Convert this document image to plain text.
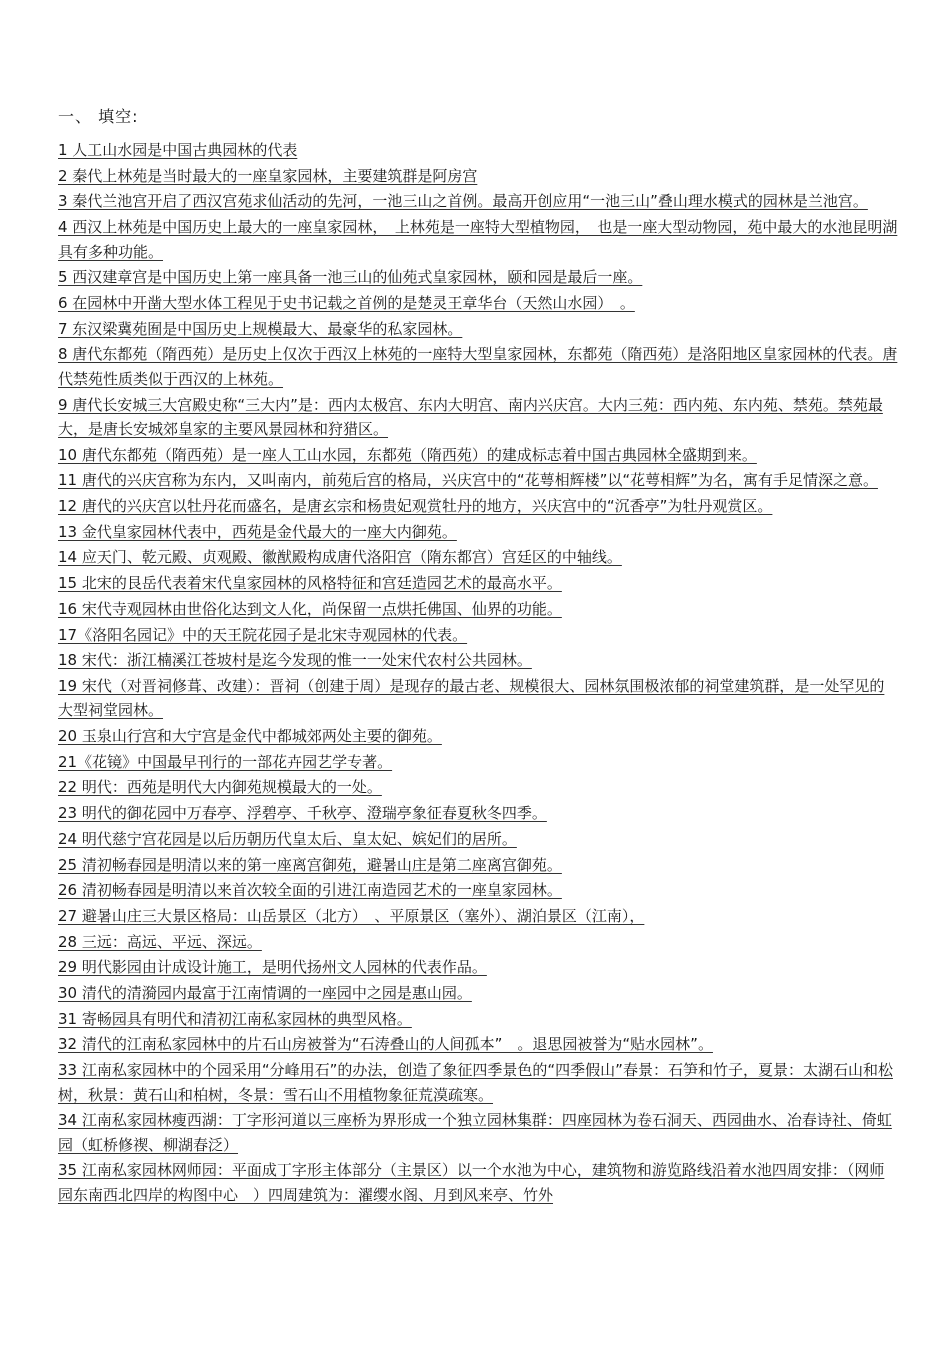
一、 填空:

1 人工山水园是中国古典园林的代表

2 秦代上林苑是当时最大的一座皇家园林，主要建筑群是阿房宫

3 秦代兰池宫开启了西汉宫苑求仙活动的先河，一池三山之首例。最高开创应用“一池三山”叠山理水模式的园林是兰池宫。

4 西汉上林苑是中国历史上最大的一座皇家园林，　上林苑是一座特大型植物园，　也是一座大型动物园，苑中最大的水池昆明湖具有多种功能。

5 西汉建章宫是中国历史上第一座具备一池三山的仙苑式皇家园林，颐和园是最后一座。

6 在园林中开凿大型水体工程见于史书记载之首例的是楚灵王章华台（天然山水园）　。

7 东汉梁冀苑囿是中国历史上规模最大、最豪华的私家园林。

8 唐代东都苑（隋西苑）是历史上仅次于西汉上林苑的一座特大型皇家园林，东都苑（隋西苑）是洛阳地区皇家园林的代表。唐代禁苑性质类似于西汉的上林苑。

9 唐代长安城三大宫殿史称“三大内”是：西内太极宫、东内大明宫、南内兴庆宫。大内三苑：西内苑、东内苑、禁苑。禁苑最大，是唐长安城郊皇家的主要风景园林和狩猎区。

10 唐代东都苑（隋西苑）是一座人工山水园，东都苑（隋西苑）的建成标志着中国古典园林全盛期到来。

11 唐代的兴庆宫称为东内，又叫南内，前苑后宫的格局，兴庆宫中的“花萼相辉楼”以“花萼相辉”为名，寓有手足情深之意。

12 唐代的兴庆宫以牡丹花而盛名，是唐玄宗和杨贵妃观赏牡丹的地方，兴庆宫中的“沉香亭”为牡丹观赏区。

13 金代皇家园林代表中，西苑是金代最大的一座大内御苑。

14 应天门、乾元殿、贞观殿、徽猷殿构成唐代洛阳宫（隋东都宫）宫廷区的中轴线。

15 北宋的艮岳代表着宋代皇家园林的风格特征和宫廷造园艺术的最高水平。

16 宋代寺观园林由世俗化达到文人化，尚保留一点烘托佛国、仙界的功能。

17《洛阳名园记》中的天王院花园子是北宋寺观园林的代表。

18 宋代：浙江楠溪江苍坡村是迄今发现的惟一一处宋代农村公共园林。

19 宋代（对晋祠修葺、改建）：晋祠（创建于周）是现存的最古老、规模很大、园林氛围极浓郁的祠堂建筑群，是一处罕见的大型祠堂园林。

20 玉泉山行宫和大宁宫是金代中都城郊两处主要的御苑。

21《花镜》中国最早刊行的一部花卉园艺学专著。

22 明代：西苑是明代大内御苑规模最大的一处。

23 明代的御花园中万春亭、浮碧亭、千秋亭、澄瑞亭象征春夏秋冬四季。

24 明代慈宁宫花园是以后历朝历代皇太后、皇太妃、嫔妃们的居所。

25 清初畅春园是明清以来的第一座离宫御苑，避暑山庄是第二座离宫御苑。

26 清初畅春园是明清以来首次较全面的引进江南造园艺术的一座皇家园林。

27 避暑山庄三大景区格局：山岳景区（北方）　、平原景区（塞外）、湖泊景区（江南），

28 三远：高远、平远、深远。

29 明代影园由计成设计施工，是明代扬州文人园林的代表作品。

30 清代的清漪园内最富于江南情调的一座园中之园是惠山园。

31 寄畅园具有明代和清初江南私家园林的典型风格。

32 清代的江南私家园林中的片石山房被誉为“石涛叠山的人间孤本”　。退思园被誉为“贴水园林”。

33 江南私家园林中的个园采用“分峰用石”的办法，创造了象征四季景色的“四季假山”春景：石笋和竹子，夏景：太湖石山和松树，秋景：黄石山和柏树，冬景：雪石山不用植物象征荒漠疏寒。

34 江南私家园林瘦西湖：丁字形河道以三座桥为界形成一个独立园林集群：四座园林为卷石洞天、西园曲水、冶春诗社、倚虹园（虹桥修禊、柳湖春泛）

35 江南私家园林网师园：平面成丁字形主体部分（主景区）以一个水池为中心，建筑物和游览路线沿着水池四周安排：（网师园东南西北四岸的构图中心　）四周建筑为：濯缨水阁、月到风来亭、竹外
